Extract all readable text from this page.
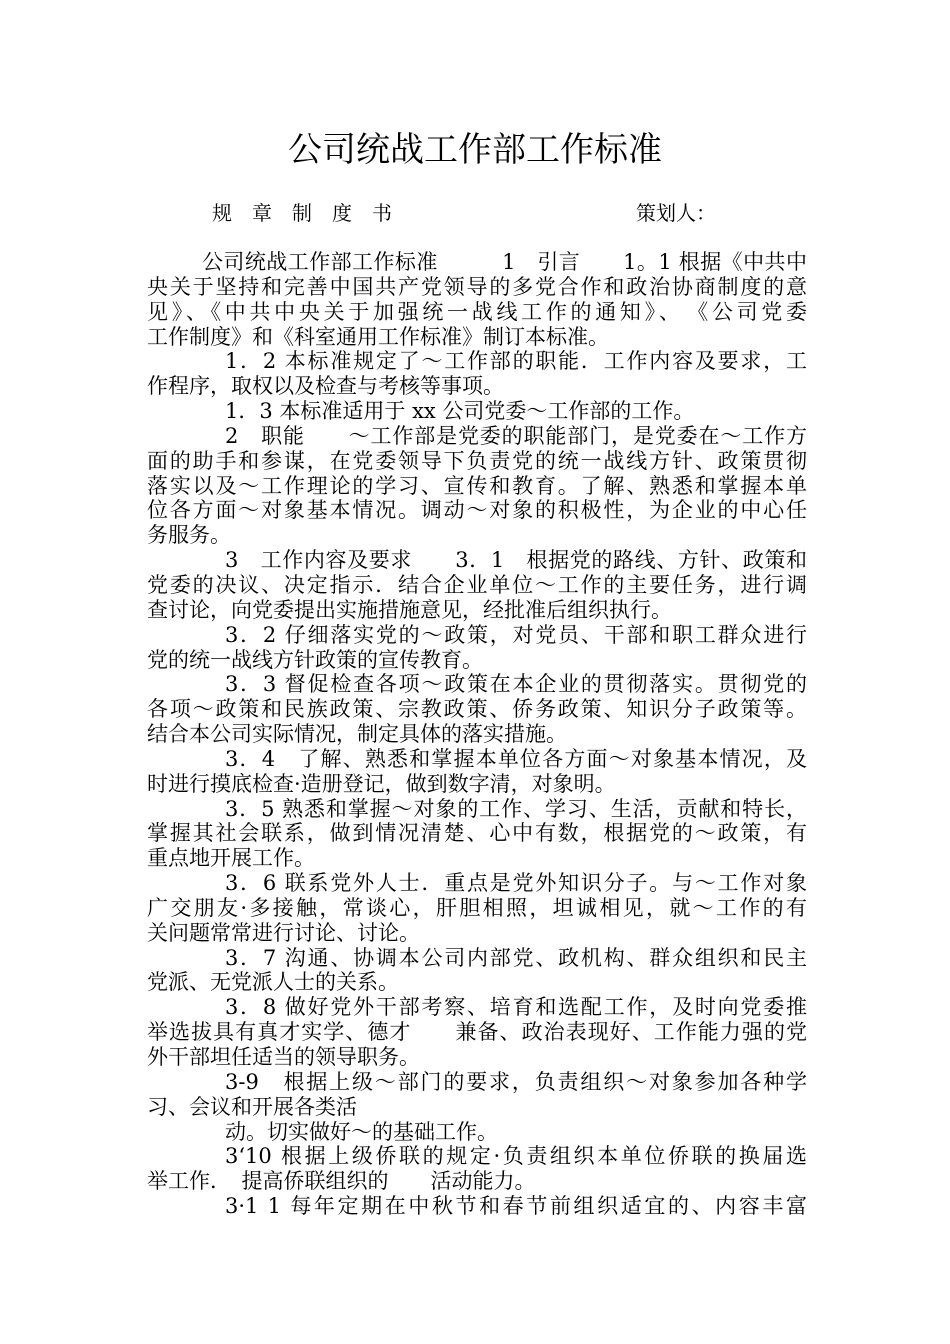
公司统战工作部工作标准
规　章　制　度　书	策划人：
公司统战工作部工作标准　　　1　引言　　1。1 根据《中共中
央关于坚持和完善中国共产党领导的多党合作和政治协商制度的意
见》、《中共中央关于加强统一战线工作的通知》、　《公司党委
工作制度》和《科室通用工作标准》制订本标准。
1．2 本标准规定了～工作部的职能．工作内容及要求，工
作程序，取权以及检查与考核等事项。
1．3 本标准适用于 xx 公司党委～工作部的工作。
2　职能　　～工作部是党委的职能部门，是党委在～工作方
面的助手和参谋，在党委领导下负责党的统一战线方针、政策贯彻
落实以及～工作理论的学习、宣传和教育。了解、熟悉和掌握本单
位各方面～对象基本情况。调动～对象的积极性，为企业的中心任
务服务。
3　工作内容及要求　　3．1　根据党的路线、方针、政策和
党委的决议、决定指示．结合企业单位～工作的主要任务，进行调
查讨论，向党委提出实施措施意见，经批准后组织执行。
3．2 仔细落实党的～政策，对党员、干部和职工群众进行
党的统一战线方针政策的宣传教育。
3．3 督促检查各项～政策在本企业的贯彻落实。贯彻党的
各项～政策和民族政策、宗教政策、侨务政策、知识分子政策等。
结合本公司实际情况，制定具体的落实措施。
3．4　了解、熟悉和掌握本单位各方面～对象基本情况，及
时进行摸底检查·造册登记，做到数字清，对象明。
3．5 熟悉和掌握～对象的工作、学习、生活，贡献和特长，
掌握其社会联系，做到情况清楚、心中有数，根据党的～政策，有
重点地开展工作。
3．6 联系党外人士．重点是党外知识分子。与～工作对象
广交朋友·多接触，常谈心，肝胆相照，坦诚相见，就～工作的有
关问题常常进行讨论、讨论。
3．7 沟通、协调本公司内部党、政机构、群众组织和民主
党派、无党派人士的关系。
3．8 做好党外干部考察、培育和选配工作，及时向党委推
举选拔具有真才实学、德才　　兼备、政治表现好、工作能力强的党
外干部坦任适当的领导职务。
3-9　根据上级～部门的要求，负责组织～对象参加各种学
习、会议和开展各类活
动。切实做好～的基础工作。
3‘10 根据上级侨联的规定·负责组织本单位侨联的换届选
举工作．　提高侨联组织的　　活动能力。
3·1 1 每年定期在中秋节和春节前组织适宜的、内容丰富
